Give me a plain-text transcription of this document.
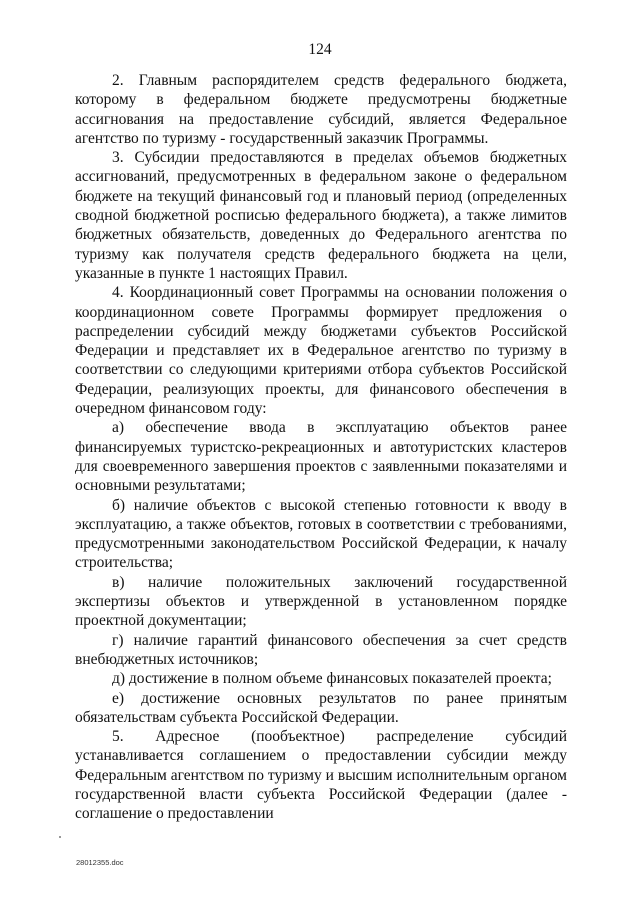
124

2. Главным распорядителем средств федерального бюджета, которому в федеральном бюджете предусмотрены бюджетные ассигнования на предоставление субсидий, является Федеральное агентство по туризму - государственный заказчик Программы.

3. Субсидии предоставляются в пределах объемов бюджетных ассигнований, предусмотренных в федеральном законе о федеральном бюджете на текущий финансовый год и плановый период (определенных сводной бюджетной росписью федерального бюджета), а также лимитов бюджетных обязательств, доведенных до Федерального агентства по туризму как получателя средств федерального бюджета на цели, указанные в пункте 1 настоящих Правил.

4. Координационный совет Программы на основании положения о координационном совете Программы формирует предложения о распределении субсидий между бюджетами субъектов Российской Федерации и представляет их в Федеральное агентство по туризму в соответствии со следующими критериями отбора субъектов Российской Федерации, реализующих проекты, для финансового обеспечения в очередном финансовом году:

а) обеспечение ввода в эксплуатацию объектов ранее финансируемых туристско-рекреационных и автотуристских кластеров для своевременного завершения проектов с заявленными показателями и основными результатами;

б) наличие объектов с высокой степенью готовности к вводу в эксплуатацию, а также объектов, готовых в соответствии с требованиями, предусмотренными законодательством Российской Федерации, к началу строительства;

в) наличие положительных заключений государственной экспертизы объектов и утвержденной в установленном порядке проектной документации;

г) наличие гарантий финансового обеспечения за счет средств внебюджетных источников;

д) достижение в полном объеме финансовых показателей проекта;

е) достижение основных результатов по ранее принятым обязательствам субъекта Российской Федерации.

5. Адресное (пообъектное) распределение субсидий устанавливается соглашением о предоставлении субсидии между Федеральным агентством по туризму и высшим исполнительным органом государственной власти субъекта Российской Федерации (далее - соглашение о предоставлении

28012355.doc
